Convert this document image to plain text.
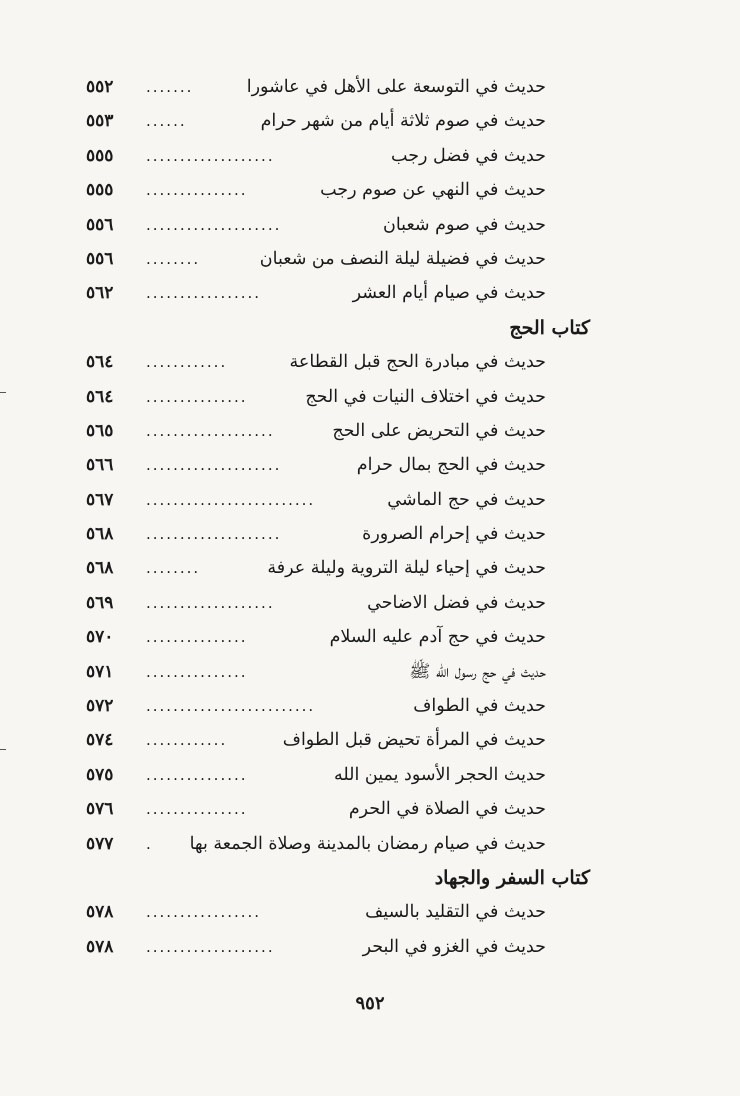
حديث في التوسعة على الأهل في عاشورا
.......
٥٥٢
حديث في صوم ثلاثة أيام من شهر حرام
......
٥٥٣
حديث في فضل رجب
...................
٥٥٥
حديث في النهي عن صوم رجب
...............
٥٥٥
حديث في صوم شعبان
....................
٥٥٦
حديث في فضيلة ليلة النصف من شعبان
........
٥٥٦
حديث في صيام أيام العشر
.................
٥٦٢
كتاب الحج
حديث في مبادرة الحج قبل القطاعة
............
٥٦٤
حديث في اختلاف النيات في الحج
...............
٥٦٤
حديث في التحريض على الحج
...................
٥٦٥
حديث في الحج بمال حرام
....................
٥٦٦
حديث في حج الماشي
.........................
٥٦٧
حديث في إحرام الصرورة
....................
٥٦٨
حديث في إحياء ليلة التروية وليلة عرفة
........
٥٦٨
حديث في فضل الاضاحي
...................
٥٦٩
حديث في حج آدم عليه السلام
...............
٥٧٠
حديث في حج رسول الله ﷺ
...............
٥٧١
حديث في الطواف
.........................
٥٧٢
حديث في المرأة تحيض قبل الطواف
............
٥٧٤
حديث الحجر الأسود يمين الله
...............
٥٧٥
حديث في الصلاة في الحرم
...............
٥٧٦
حديث في صيام رمضان بالمدينة وصلاة الجمعة بها
.
٥٧٧
كتاب السفر والجهاد
حديث في التقليد بالسيف
.................
٥٧٨
حديث في الغزو في البحر
...................
٥٧٨
٩٥٢
